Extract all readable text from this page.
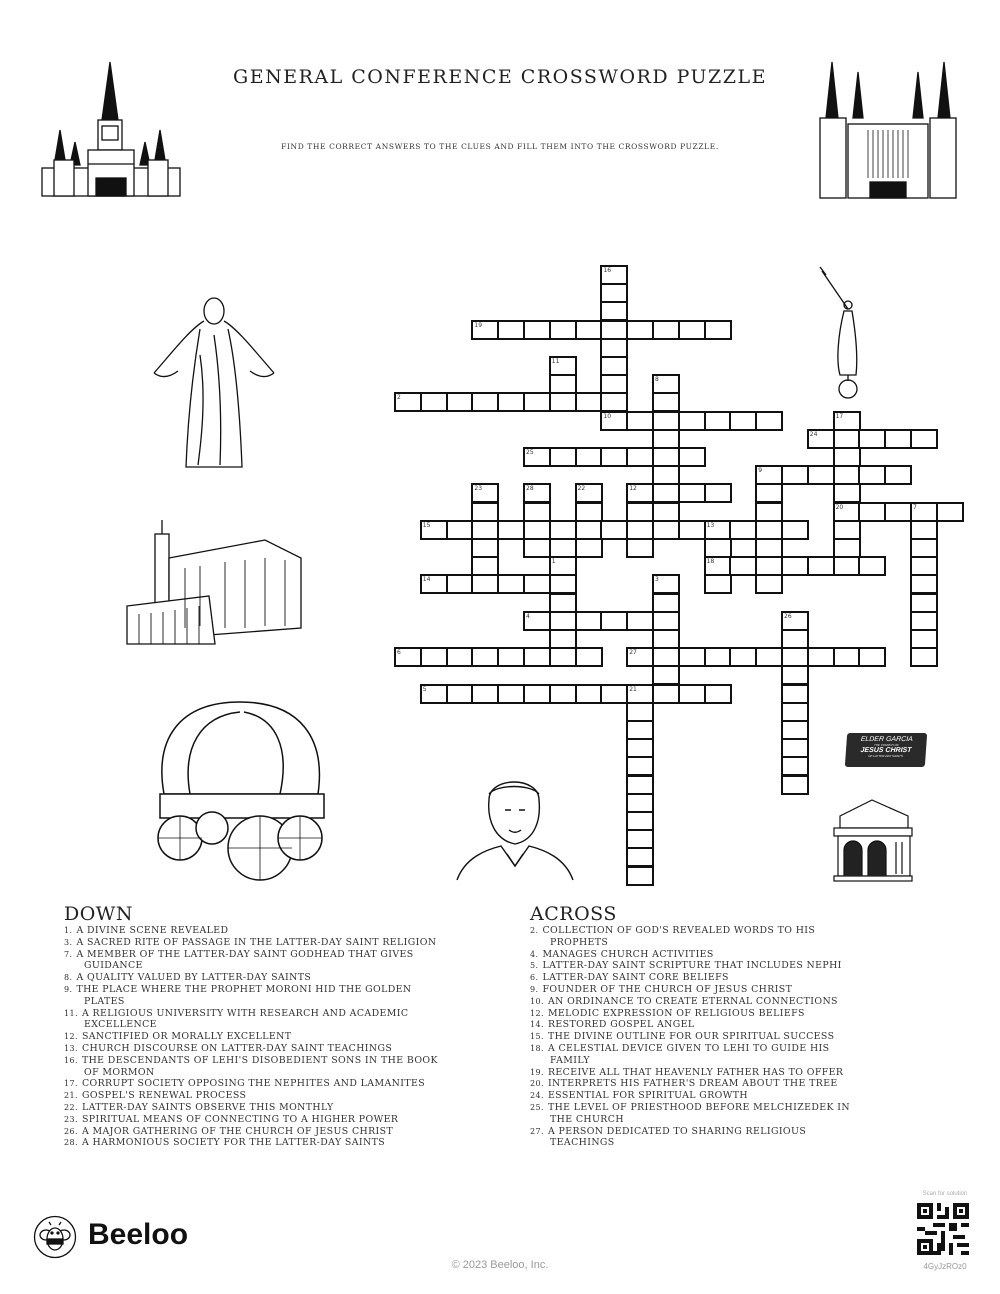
GENERAL CONFERENCE CROSSWORD PUZZLE
FIND THE CORRECT ANSWERS TO THE CLUES AND FILL THEM INTO THE CROSSWORD PUZZLE.
ELDER GARCIA
THE CHURCH OF
JESUS CHRIST
OF LATTER-DAY SAINTS
19
2
10
24
25
9
12
20
15
18
14
4
6	27
5
16
11
8
17
23	28	22
13
7
1
3
26
21
DOWN
1. A DIVINE SCENE REVEALED
3. A SACRED RITE OF PASSAGE IN THE LATTER-DAY SAINT RELIGION
7. A MEMBER OF THE LATTER-DAY SAINT GODHEAD THAT GIVES GUIDANCE
8. A QUALITY VALUED BY LATTER-DAY SAINTS
9. THE PLACE WHERE THE PROPHET MORONI HID THE GOLDEN PLATES
11. A RELIGIOUS UNIVERSITY WITH RESEARCH AND ACADEMIC EXCELLENCE
12. SANCTIFIED OR MORALLY EXCELLENT
13. CHURCH DISCOURSE ON LATTER-DAY SAINT TEACHINGS
16. THE DESCENDANTS OF LEHI'S DISOBEDIENT SONS IN THE BOOK OF MORMON
17. CORRUPT SOCIETY OPPOSING THE NEPHITES AND LAMANITES
21. GOSPEL'S RENEWAL PROCESS
22. LATTER-DAY SAINTS OBSERVE THIS MONTHLY
23. SPIRITUAL MEANS OF CONNECTING TO A HIGHER POWER
26. A MAJOR GATHERING OF THE CHURCH OF JESUS CHRIST
28. A HARMONIOUS SOCIETY FOR THE LATTER-DAY SAINTS
ACROSS
2. COLLECTION OF GOD'S REVEALED WORDS TO HIS PROPHETS
4. MANAGES CHURCH ACTIVITIES
5. LATTER-DAY SAINT SCRIPTURE THAT INCLUDES NEPHI
6. LATTER-DAY SAINT CORE BELIEFS
9. FOUNDER OF THE CHURCH OF JESUS CHRIST
10. AN ORDINANCE TO CREATE ETERNAL CONNECTIONS
12. MELODIC EXPRESSION OF RELIGIOUS BELIEFS
14. RESTORED GOSPEL ANGEL
15. THE DIVINE OUTLINE FOR OUR SPIRITUAL SUCCESS
18. A CELESTIAL DEVICE GIVEN TO LEHI TO GUIDE HIS FAMILY
19. RECEIVE ALL THAT HEAVENLY FATHER HAS TO OFFER
20. INTERPRETS HIS FATHER'S DREAM ABOUT THE TREE
24. ESSENTIAL FOR SPIRITUAL GROWTH
25. THE LEVEL OF PRIESTHOOD BEFORE MELCHIZEDEK IN THE CHURCH
27. A PERSON DEDICATED TO SHARING RELIGIOUS TEACHINGS
Beeloo
© 2023 Beeloo, Inc.
Scan for solution
4GyJzROz0
